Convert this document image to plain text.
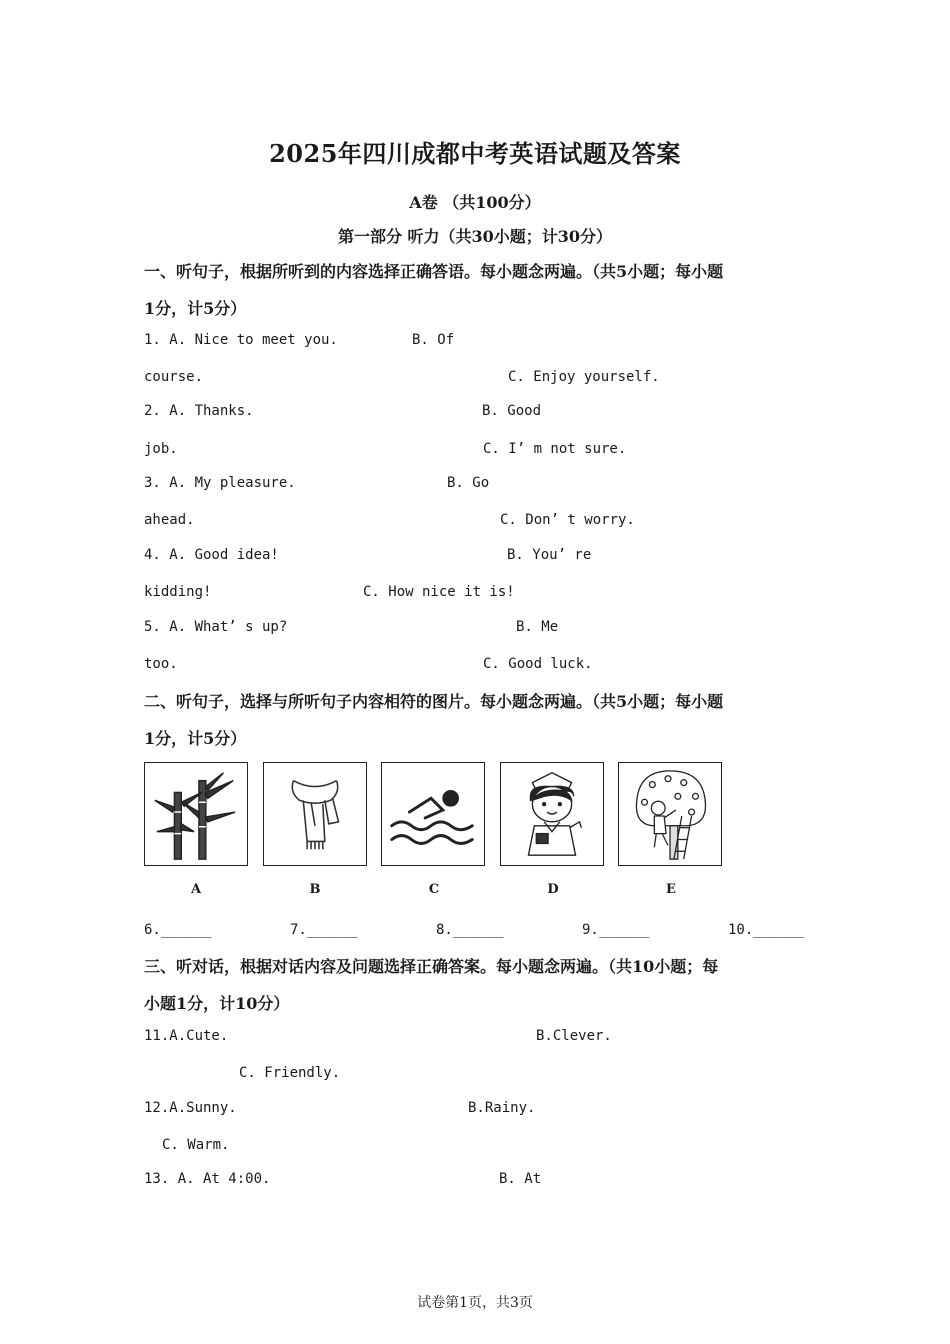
2025年四川成都中考英语试题及答案
A卷 （共100分）
第一部分 听力（共30小题；计30分）
一、听句子，根据所听到的内容选择正确答语。每小题念两遍。（共5小题；每小题
1分，计5分）
1. A. Nice to meet you.	B. Of
course.	C. Enjoy yourself.
2. A. Thanks.	B. Good
job.	C. I’ m not sure.
3. A. My pleasure.	B. Go
ahead.	C. Don’ t worry.
4. A. Good idea!	B. You’ re
kidding!	C. How nice it is!
5. A. What’ s up?	B. Me
too.	C. Good luck.
二、听句子，选择与所听句子内容相符的图片。每小题念两遍。（共5小题；每小题
1分，计5分）
A	B	C	D	E
6.______	7.______	8.______	9.______	10.______
三、听对话，根据对话内容及问题选择正确答案。每小题念两遍。（共10小题；每
小题1分，计10分）
11.A.Cute.	B.Clever.
C. Friendly.
12.A.Sunny.	B.Rainy.
C. Warm.
13. A. At 4:00.	B. At
试卷第1页，共3页
